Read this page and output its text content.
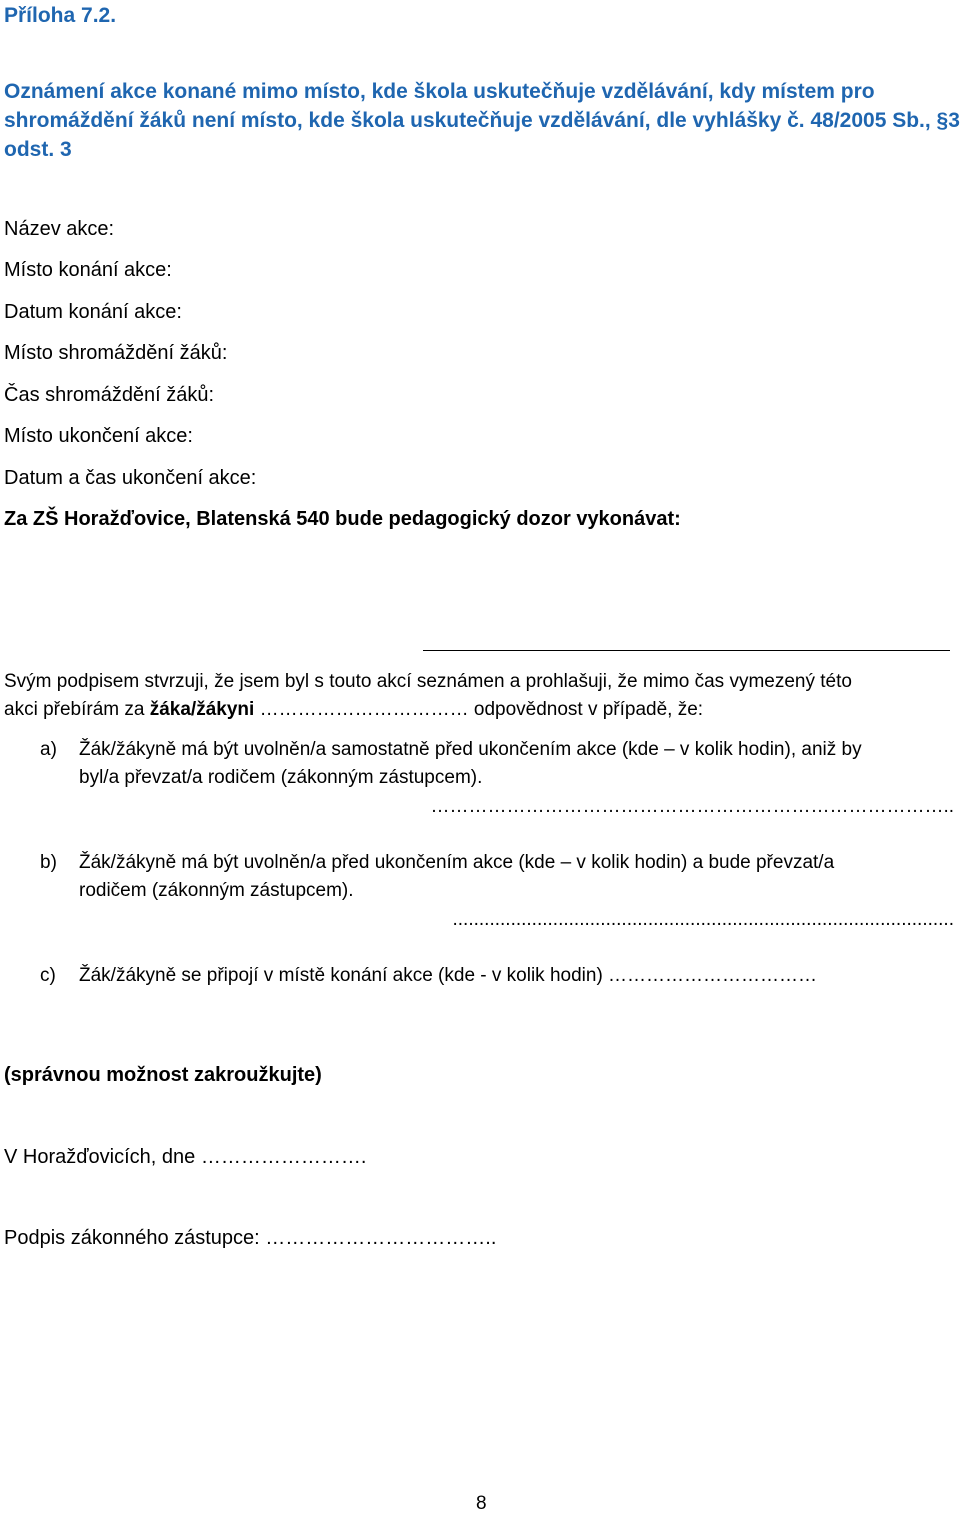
Příloha 7.2.
Oznámení akce konané mimo místo, kde škola uskutečňuje vzdělávání, kdy místem pro
shromáždění žáků není místo, kde škola uskutečňuje vzdělávání, dle vyhlášky č. 48/2005 Sb., §3
odst. 3
Název akce:
Místo konání akce:
Datum konání akce:
Místo shromáždění žáků:
Čas shromáždění žáků:
Místo ukončení akce:
Datum a čas ukončení akce:
Za ZŠ Horažďovice, Blatenská 540 bude pedagogický dozor vykonávat:
Svým podpisem stvrzuji, že jsem byl s touto akcí seznámen a prohlašuji, že mimo čas vymezený této
akci přebírám za žáka/žákyni …………………………… odpovědnost v případě, že:
a) Žák/žákyně má být uvolněn/a samostatně před ukončením akce (kde – v kolik hodin), aniž by
byl/a převzat/a rodičem (zákonným zástupcem).
………………………………………………………………………..
b) Žák/žákyně má být uvolněn/a před ukončením akce (kde – v kolik hodin) a bude převzat/a
rodičem (zákonným zástupcem).
...............................................................................................
c) Žák/žákyně se připojí v místě konání akce (kde - v kolik hodin) ……………………………
(správnou možnost zakroužkujte)
V Horažďovicích, dne …………………….
Podpis zákonného zástupce: ……………………………..
8
